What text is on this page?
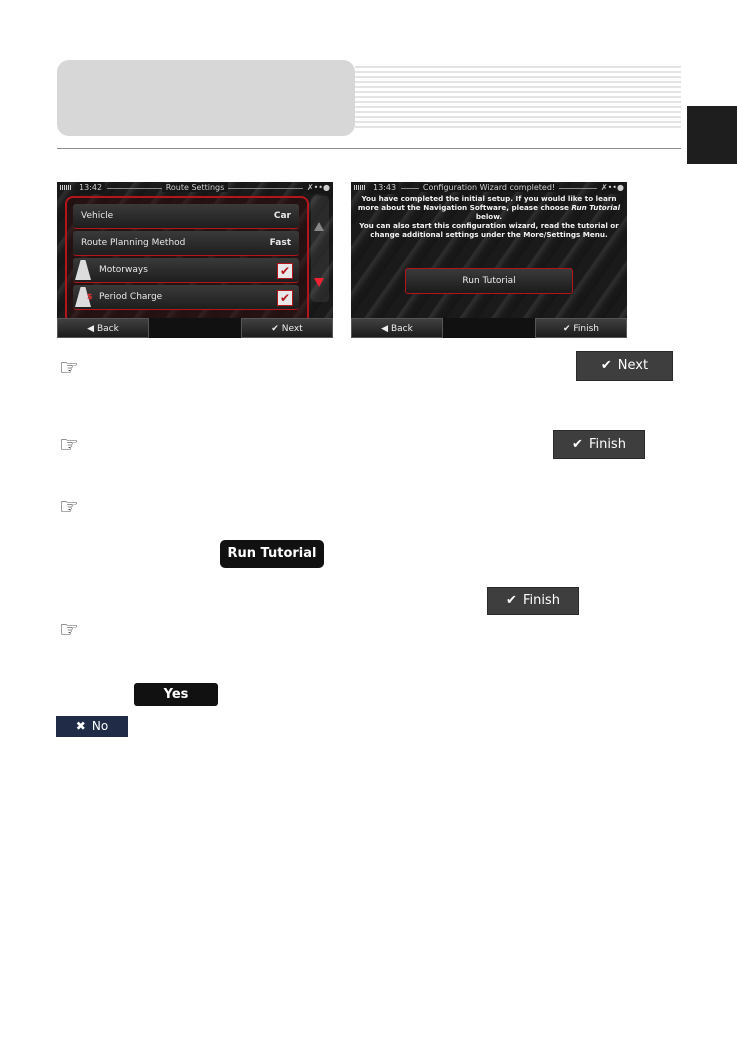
Route Settings
13:42	✗••●
Vehicle	Car
Route Planning Method	Fast
Motorways	✔
$ Period Charge	✔
◀ Back	✔ Next
Configuration Wizard completed!
13:43	✗••●
You have completed the initial setup. If you would like to learn more about the Navigation Software, please choose Run Tutorial
below.
You can also start this configuration wizard, read the tutorial or change additional settings under the More/Settings Menu.
Run Tutorial
◀ Back	✔ Finish
☞	✔ Next
☞	✔ Finish
☞
Run Tutorial
✔ Finish
☞
Yes
✖ No
